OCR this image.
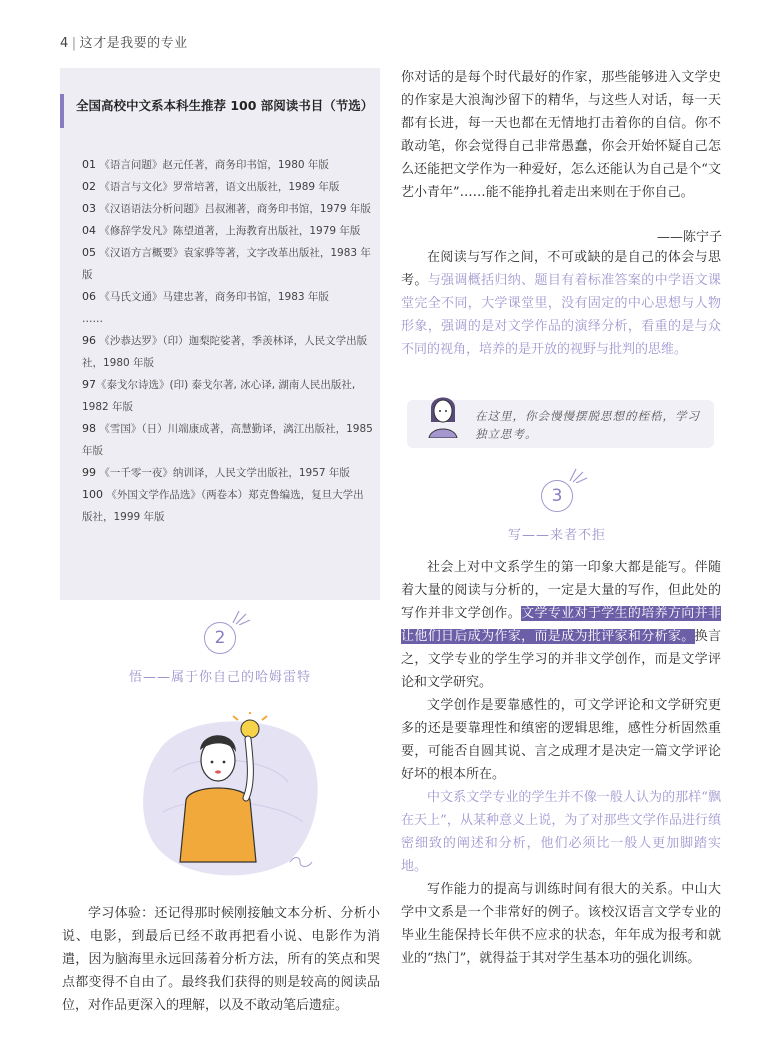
4 | 这才是我要的专业
全国高校中文系本科生推荐 100 部阅读书目（节选）
01 《语言问题》赵元任著，商务印书馆，1980 年版
02 《语言与文化》罗常培著，语文出版社，1989 年版
03 《汉语语法分析问题》吕叔湘著，商务印书馆，1979 年版
04 《修辞学发凡》陈望道著，上海教育出版社，1979 年版
05 《汉语方言概要》袁家骅等著，文字改革出版社，1983 年版
06 《马氏文通》马建忠著，商务印书馆，1983 年版
……
96 《沙恭达罗》（印）迦梨陀娑著，季羡林译，人民文学出版社，1980 年版
97《泰戈尔诗选》(印) 泰戈尔著, 冰心译, 湖南人民出版社, 1982 年版
98 《雪国》（日）川端康成著，高慧勤译，漓江出版社，1985 年版
99 《一千零一夜》纳训译，人民文学出版社，1957 年版
100 《外国文学作品选》（两卷本）郑克鲁编选，复旦大学出版社，1999 年版
2
悟——属于你自己的哈姆雷特

学习体验：还记得那时候刚接触文本分析、分析小说、电影，到最后已经不敢再把看小说、电影作为消遣，因为脑海里永远回荡着分析方法，所有的笑点和哭点都变得不自由了。最终我们获得的则是较高的阅读品位，对作品更深入的理解，以及不敢动笔后遗症。

你对话的是每个时代最好的作家，那些能够进入文学史的作家是大浪淘沙留下的精华，与这些人对话，每一天都有长进，每一天也都在无情地打击着你的自信。你不敢动笔，你会觉得自己非常愚蠢，你会开始怀疑自己怎么还能把文学作为一种爱好，怎么还能认为自己是个“文艺小青年”……能不能挣扎着走出来则在于你自己。

——陈宁子

在阅读与写作之间，不可或缺的是自己的体会与思考。与强调概括归纳、题目有着标准答案的中学语文课堂完全不同，大学课堂里，没有固定的中心思想与人物形象，强调的是对文学作品的演绎分析，看重的是与众不同的视角，培养的是开放的视野与批判的思维。

在这里，你会慢慢摆脱思想的桎梏，学习独立思考。
3
写——来者不拒

社会上对中文系学生的第一印象大都是能写。伴随着大量的阅读与分析的，一定是大量的写作，但此处的写作并非文学创作。文学专业对于学生的培养方向并非让他们日后成为作家，而是成为批评家和分析家。换言之，文学专业的学生学习的并非文学创作，而是文学评论和文学研究。

文学创作是要靠感性的，可文学评论和文学研究更多的还是要靠理性和缜密的逻辑思维，感性分析固然重要，可能否自圆其说、言之成理才是决定一篇文学评论好坏的根本所在。

中文系文学专业的学生并不像一般人认为的那样“飘在天上”，从某种意义上说，为了对那些文学作品进行缜密细致的阐述和分析，他们必须比一般人更加脚踏实地。

写作能力的提高与训练时间有很大的关系。中山大学中文系是一个非常好的例子。该校汉语言文学专业的毕业生能保持长年供不应求的状态，年年成为报考和就业的“热门”，就得益于其对学生基本功的强化训练。
